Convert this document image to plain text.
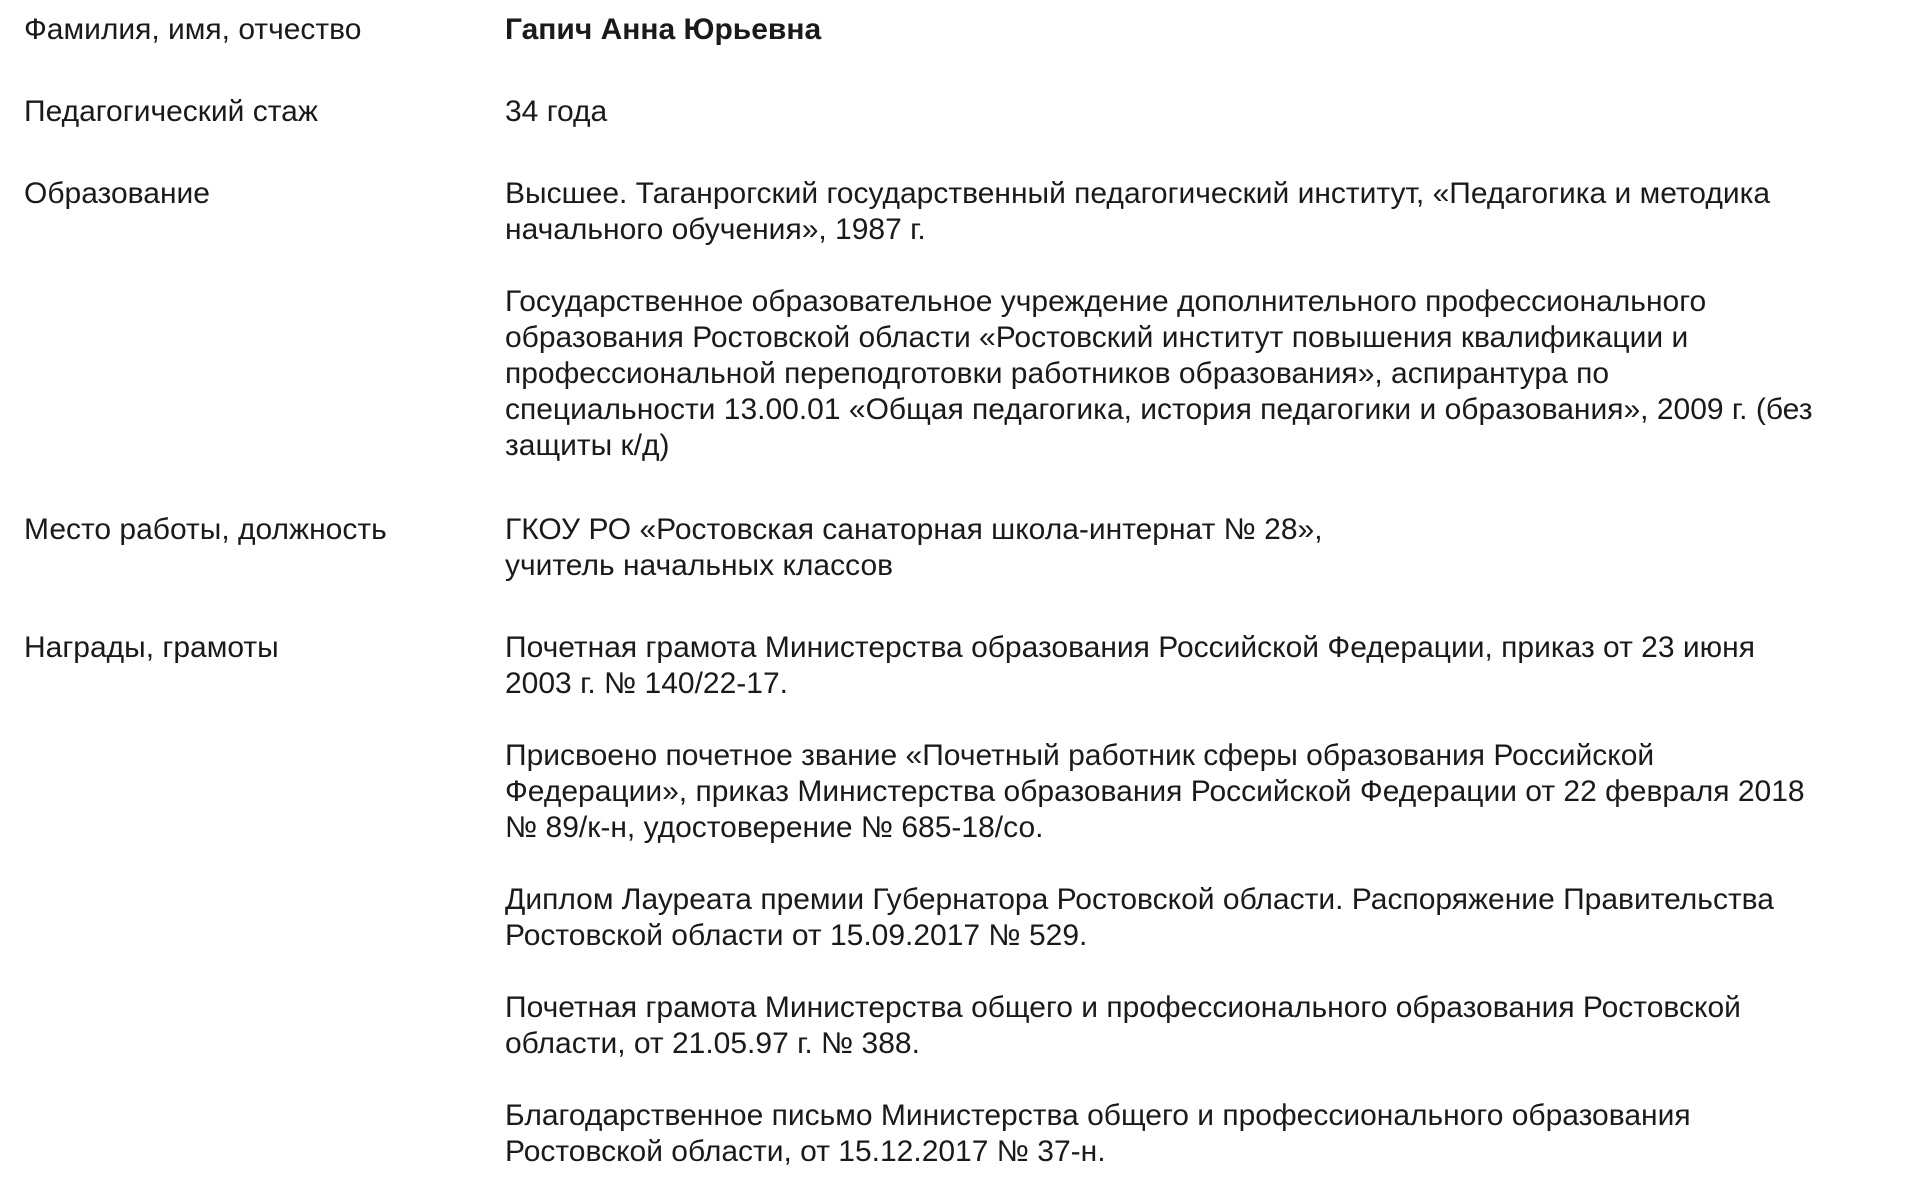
Фамилия, имя, отчество	Гапич Анна Юрьевна
Педагогический стаж	34 года
Образование	Высшее. Таганрогский государственный педагогический институт, «Педагогика и методика
начального обучения», 1987 г.

Государственное образовательное учреждение дополнительного профессионального
образования Ростовской области «Ростовский институт повышения квалификации и
профессиональной переподготовки работников образования», аспирантура по
специальности 13.00.01 «Общая педагогика, история педагогики и образования», 2009 г. (без
защиты к/д)

Место работы, должность	ГКОУ РО «Ростовская санаторная школа-интернат № 28»,
учитель начальных классов

Награды, грамоты	Почетная грамота Министерства образования Российской Федерации, приказ от 23 июня
2003 г. № 140/22-17.

Присвоено почетное звание «Почетный работник сферы образования Российской
Федерации», приказ Министерства образования Российской Федерации от 22 февраля 2018
№ 89/к-н, удостоверение № 685-18/со.

Диплом Лауреата премии Губернатора Ростовской области. Распоряжение Правительства
Ростовской области от 15.09.2017 № 529.

Почетная грамота Министерства общего и профессионального образования Ростовской
области, от 21.05.97 г. № 388.

Благодарственное письмо Министерства общего и профессионального образования
Ростовской области, от 15.12.2017 № 37-н.
